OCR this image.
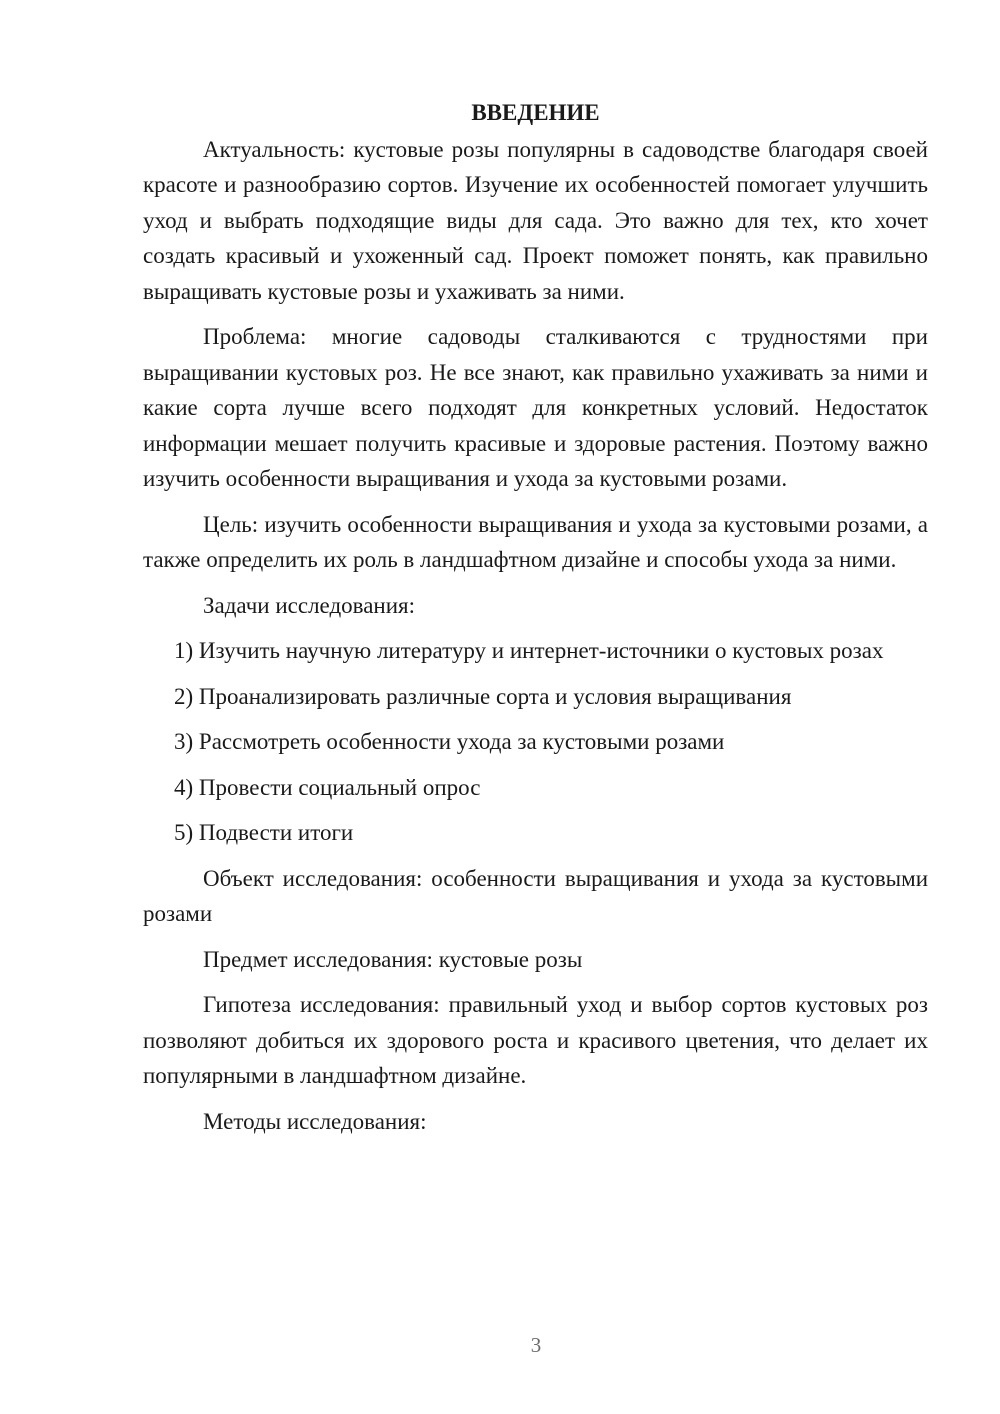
ВВЕДЕНИЕ

Актуальность: кустовые розы популярны в садоводстве благодаря своей красоте и разнообразию сортов. Изучение их особенностей помогает улучшить уход и выбрать подходящие виды для сада. Это важно для тех, кто хочет создать красивый и ухоженный сад. Проект поможет понять, как правильно выращивать кустовые розы и ухаживать за ними.

Проблема: многие садоводы сталкиваются с трудностями при выращивании кустовых роз. Не все знают, как правильно ухаживать за ними и какие сорта лучше всего подходят для конкретных условий. Недостаток информации мешает получить красивые и здоровые растения. Поэтому важно изучить особенности выращивания и ухода за кустовыми розами.

Цель: изучить особенности выращивания и ухода за кустовыми розами, а также определить их роль в ландшафтном дизайне и способы ухода за ними.

Задачи исследования:

1) Изучить научную литературу и интернет-источники о кустовых розах

2) Проанализировать различные сорта и условия выращивания

3) Рассмотреть особенности ухода за кустовыми розами

4) Провести социальный опрос

5) Подвести итоги

Объект исследования: особенности выращивания и ухода за кустовыми розами

Предмет исследования: кустовые розы

Гипотеза исследования: правильный уход и выбор сортов кустовых роз позволяют добиться их здорового роста и красивого цветения, что делает их популярными в ландшафтном дизайне.

Методы исследования:

3
